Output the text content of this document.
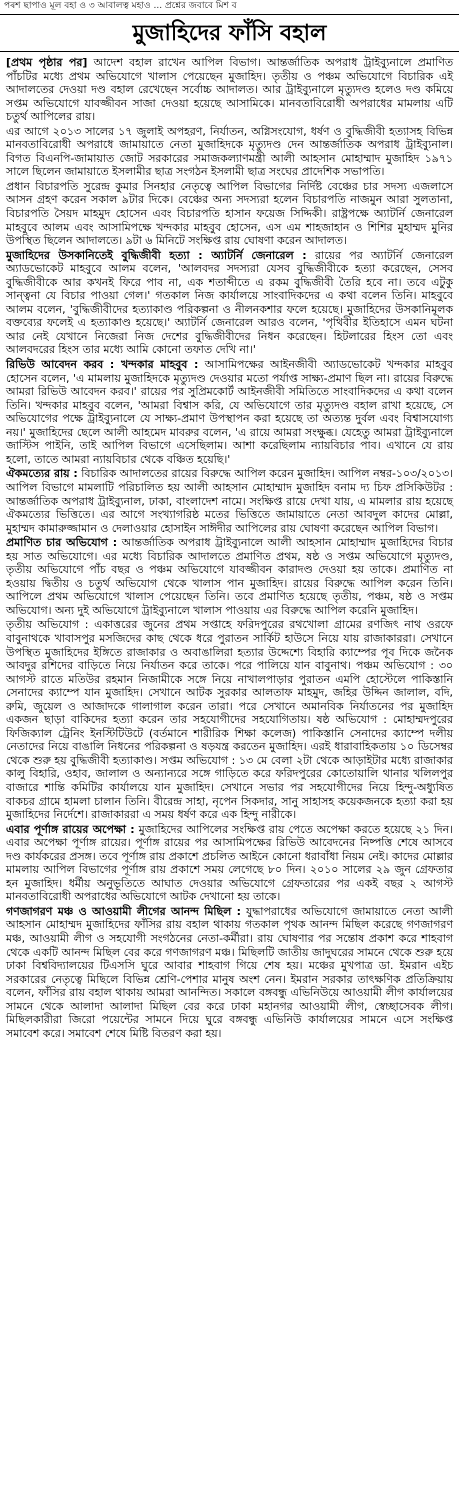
পৰশ ছাপাও মূল বহা ও ৩ আবালত্ব মহাও ... প্রশ্নের জবাবে মিশ ব
মুজাহিদের ফাঁসি বহাল

[প্রথম পৃষ্ঠার পর] আদেশ বহাল রাখেন আপিল বিভাগ। আন্তর্জাতিক অপরাধ ট্রাইব্যুনালে প্রমাণিত পাঁচটির মধ্যে প্রথম অভিযোগে খালাস পেয়েছেন মুজাহিদ। তৃতীয় ও পঞ্চম অভিযোগে বিচারিক এই আদালতের দেওয়া দণ্ড বহাল রেখেছেন সর্বোচ্চ আদালত। আর ট্রাইব্যুনালে মৃত্যুদণ্ড হলেও দণ্ড কমিয়ে সপ্তম অভিযোগে যাবজ্জীবন সাজা দেওয়া হয়েছে আসামিকে। মানবতাবিরোধী অপরাধের মামলায় এটি চতুর্থ আপিলের রায়।

এর আগে ২০১৩ সালের ১৭ জুলাই অপহরণ, নির্যাতন, অগ্নিসংযোগ, ধর্ষণ ও বুদ্ধিজীবী হত্যাসহ বিভিন্ন মানবতাবিরোধী অপরাধে জামায়াতে নেতা মুজাহিদকে মৃত্যুদণ্ড দেন আন্তর্জাতিক অপরাধ ট্রাইব্যুনাল। বিগত বিএনপি-জামায়াত জোট সরকারের সমাজকল্যাণমন্ত্রী আলী আহসান মোহাম্মাদ মুজাহিদ ১৯৭১ সালে ছিলেন জামায়াতে ইসলামীর ছাত্র সংগঠন ইসলামী ছাত্র সংঘের প্রাদেশিক সভাপতি।

প্রধান বিচারপতি সুরেন্দ্র কুমার সিনহার নেতৃত্বে আপিল বিভাগের নির্দিষ্ট বেঞ্চের চার সদস্য এজলাসে আসন গ্রহণ করেন সকাল ৯টার দিকে। বেঞ্চের অন্য সদস্যরা হলেন বিচারপতি নাজমুন আরা সুলতানা, বিচারপতি সৈয়দ মাহমুদ হোসেন এবং বিচারপতি হাসান ফয়েজ সিদ্দিকী। রাষ্ট্রপক্ষে অ্যাটর্নি জেনারেল মাহবুবে আলম এবং আসামিপক্ষে খন্দকার মাহবুব হোসেন, এস এম শাহজাহান ও শিশির মুহাম্মদ মুনির উপস্থিত ছিলেন আদালতে। ৯টা ৬ মিনিটে সংক্ষিপ্ত রায় ঘোষণা করেন আদালত।

মুজাহিদের উসকানিতেই বুদ্ধিজীবী হত্যা : অ্যাটর্নি জেনারেল : রায়ের পর অ্যাটর্নি জেনারেল অ্যাডভোকেট মাহবুবে আলম বলেন, 'আলবদর সদস্যরা যেসব বুদ্ধিজীবীকে হত্যা করেছেন, সেসব বুদ্ধিজীবীকে আর কখনই ফিরে পাব না, এক শতাব্দীতে এ রকম বুদ্ধিজীবী তৈরি হবে না। তবে এটুকু সান্ত্বনা যে বিচার পাওয়া গেল।' গতকাল নিজ কার্যালয়ে সাংবাদিকদের এ কথা বলেন তিনি। মাহবুবে আলম বলেন, 'বুদ্ধিজীবীদের হত্যাকাণ্ড পরিকল্পনা ও নীলনকশার ফলে হয়েছে। মুজাহিদের উসকানিমূলক বক্তব্যের ফলেই এ হত্যাকাণ্ড হয়েছে।' অ্যাটর্নি জেনারেল আরও বলেন, 'পৃথিবীর ইতিহাসে এমন ঘটনা আর নেই যেখানে নিজেরা নিজ দেশের বুদ্ধিজীবীদের নিধন করেছেন। হিটলারের হিংস তো এবং আলবদরের হিংস তার মধ্যে আমি কোনো তফাত দেখি না।'

রিভিউ আবেদন করব : খন্দকার মাহবুব : আসামিপক্ষের আইনজীবী অ্যাডভোকেট খন্দকার মাহবুব হোসেন বলেন, 'এ মামলায় মুজাহিদকে মৃত্যুদণ্ড দেওয়ার মতো পর্যাপ্ত সাক্ষ্য-প্রমাণ ছিল না। রায়ের বিরুদ্ধে আমরা রিভিউ আবেদন করব।' রায়ের পর সুপ্রিমকোর্ট আইনজীবী সমিতিতে সাংবাদিকদের এ কথা বলেন তিনি। খন্দকার মাহবুব বলেন, 'আমরা বিশ্বাস করি, যে অভিযোগে তার মৃত্যুদণ্ড বহাল রাখা হয়েছে, সে অভিযোগের পক্ষে ট্রাইব্যুনালে যে সাক্ষ্য-প্রমাণ উপস্থাপন করা হয়েছে তা অত্যন্ত দুর্বল এবং বিশ্বাসযোগ্য নয়।' মুজাহিদের ছেলে আলী আহমেদ মাবরুর বলেন, 'এ রায়ে আমরা সংক্ষুব্ধ। যেহেতু আমরা ট্রাইব্যুনালে জাস্টিস পাইনি, তাই আপিল বিভাগে এসেছিলাম। আশা করেছিলাম ন্যায়বিচার পাব। এখানে যে রায় হলো, তাতে আমরা ন্যায়বিচার থেকে বঞ্চিত হয়েছি।'

ঐকমত্যের রায় : বিচারিক আদালতের রায়ের বিরুদ্ধে আপিল করেন মুজাহিদ। আপিল নম্বর-১০৩/২০১৩। আপিল বিভাগে মামলাটি পরিচালিত হয় আলী আহসান মোহাম্মাদ মুজাহিদ বনাম দ্য চিফ প্রসিকিউটর : আন্তর্জাতিক অপরাধ ট্রাইব্যুনাল, ঢাকা, বাংলাদেশ নামে। সংক্ষিপ্ত রায়ে দেখা যায়, এ মামলার রায় হয়েছে ঐকমত্যের ভিত্তিতে। এর আগে সংখ্যাগরিষ্ঠ মতের ভিত্তিতে জামায়াতে নেতা আবদুল কাদের মোল্লা, মুহাম্মদ কামারুজ্জামান ও দেলাওয়ার হোসাইন সাঈদীর আপিলের রায় ঘোষণা করেছেন আপিল বিভাগ।

প্রমাণিত চার অভিযোগ : আন্তর্জাতিক অপরাধ ট্রাইব্যুনালে আলী আহসান মোহাম্মাদ মুজাহিদের বিচার হয় সাত অভিযোগে। এর মধ্যে বিচারিক আদালতে প্রমাণিত প্রথম, ষষ্ঠ ও সপ্তম অভিযোগে মৃত্যুদণ্ড, তৃতীয় অভিযোগে পাঁচ বছর ও পঞ্চম অভিযোগে যাবজ্জীবন কারাদণ্ড দেওয়া হয় তাকে। প্রমাণিত না হওয়ায় দ্বিতীয় ও চতুর্থ অভিযোগ থেকে খালাস পান মুজাহিদ। রায়ের বিরুদ্ধে আপিল করেন তিনি। আপিলে প্রথম অভিযোগে খালাস পেয়েছেন তিনি। তবে প্রমাণিত হয়েছে তৃতীয়, পঞ্চম, ষষ্ঠ ও সপ্তম অভিযোগ। অন্য দুই অভিযোগে ট্রাইব্যুনালে খালাস পাওয়ায় এর বিরুদ্ধে আপিল করেনি মুজাহিদ।

তৃতীয় অভিযোগ : একাত্তরের জুনের প্রথম সপ্তাহে ফরিদপুরের রথখোলা গ্রামের রণজিৎ নাথ ওরফে বাবুনাথকে খাবাসপুর মসজিদের কাছ থেকে ধরে পুরাতন সার্কিট হাউসে নিয়ে যায় রাজাকাররা। সেখানে উপস্থিত মুজাহিদের ইঙ্গিতে রাজাকার ও অবাঙালিরা হত্যার উদ্দেশ্যে বিহারি ক্যাম্পের পূব দিকে জনৈক আবদুর রশিদের বাড়িতে নিয়ে নির্যাতন করে তাকে। পরে পালিয়ে যান বাবুনাথ। পঞ্চম অভিযোগ : ৩০ আগস্ট রাতে মতিউর রহমান নিজামীকে সঙ্গে নিয়ে নাখালপাড়ার পুরাতন এমপি হোস্টেলে পাকিস্তানি সেনাদের ক্যাম্পে যান মুজাহিদ। সেখানে আটক সুরকার আলতাফ মাহমুদ, জহির উদ্দিন জালাল, বদি, রুমি, জুয়েল ও আজাদকে গালাগাল করেন তারা। পরে সেখানে অমানবিক নির্যাতনের পর মুজাহিদ একজন ছাড়া বাকিদের হত্যা করেন তার সহযোগীদের সহযোগিতায়। ষষ্ঠ অভিযোগ : মোহাম্মদপুরের ফিজিক্যাল ট্রেনিং ইনস্টিটিউটে (বর্তমানে শারীরিক শিক্ষা কলেজ) পাকিস্তানি সেনাদের ক্যাম্পে দলীয় নেতাদের নিয়ে বাঙালি নিধনের পরিকল্পনা ও ষড়যন্ত্র করতেন মুজাহিদ। এরই ধারাবাহিকতায় ১০ ডিসেম্বর থেকে শুরু হয় বুদ্ধিজীবী হত্যাকাণ্ড। সপ্তম অভিযোগ : ১৩ মে বেলা ২টা থেকে আড়াইটার মধ্যে রাজাকার কালু বিহারি, ওহাব, জালাল ও অন্যান্যরে সঙ্গে গাড়িতে করে ফরিদপুরের কোতোয়ালি থানার খলিলপুর বাজারে শান্তি কমিটির কার্যালয়ে যান মুজাহিদ। সেখানে সভার পর সহযোগীদের নিয়ে হিন্দু-অধ্যুষিত বাকচর গ্রামে হামলা চালান তিনি। বীরেন্দ্র সাহা, নৃপেন সিকদার, সানু সাহাসহ কয়েকজনকে হত্যা করা হয় মুজাহিদের নির্দেশে। রাজাকাররা এ সময় ধর্ষণ করে এক হিন্দু নারীকে।

এবার পূর্ণাঙ্গ রায়ের অপেক্ষা : মুজাহিদের আপিলের সংক্ষিপ্ত রায় পেতে অপেক্ষা করতে হয়েছে ২১ দিন। এবার অপেক্ষা পূর্ণাঙ্গ রায়ের। পূর্ণাঙ্গ রায়ের পর আসামিপক্ষের রিভিউ আবেদনের নিষ্পত্তি শেষে আসবে দণ্ড কার্যকরের প্রসঙ্গ। তবে পূর্ণাঙ্গ রায় প্রকাশে প্রচলিত আইনে কোনো ধরাবাঁধা নিয়ম নেই। কাদের মোল্লার মামলায় আপিল বিভাগের পূর্ণাঙ্গ রায় প্রকাশে সময় লেগেছে ৮০ দিন। ২০১০ সালের ২৯ জুন গ্রেফতার হন মুজাহিদ। ধর্মীয় অনুভূতিতে আঘাত দেওয়ার অভিযোগে গ্রেফতারের পর একই বছর ২ আগস্ট মানবতাবিরোধী অপরাধের অভিযোগে আটক দেখানো হয় তাকে।

গণজাগরণ মঞ্চ ও আওয়ামী লীগের আনন্দ মিছিল : যুদ্ধাপরাধের অভিযোগে জামায়াতে নেতা আলী আহসান মোহাম্মদ মুজাহিদের ফাঁসির রায় বহাল থাকায় গতকাল পৃথক আনন্দ মিছিল করেছে গণজাগরণ মঞ্চ, আওয়ামী লীগ ও সহযোগী সংগঠনের নেতা-কর্মীরা। রায় ঘোষণার পর সন্তোষ প্রকাশ করে শাহবাগ থেকে একটি আনন্দ মিছিল বের করে গণজাগরণ মঞ্চ। মিছিলটি জাতীয় জাদুঘরের সামনে থেকে শুরু হয়ে ঢাকা বিশ্ববিদ্যালয়ের টিএসসি ঘুরে আবার শাহবাগ গিয়ে শেষ হয়। মঞ্চের মুখপাত্র ডা. ইমরান এইচ সরকারের নেতৃত্বে মিছিলে বিভিন্ন শ্রেণি-পেশার মানুষ অংশ নেন। ইমরান সরকার তাৎক্ষণিক প্রতিক্রিয়ায় বলেন, ফাঁসির রায় বহাল থাকায় আমরা আনন্দিত। সকালে বঙ্গবন্ধু এভিনিউয়ে আওয়ামী লীগ কার্যালয়ের সামনে থেকে আলাদা আলাদা মিছিল বের করে ঢাকা মহানগর আওয়ামী লীগ, স্বেচ্ছাসেবক লীগ। মিছিলকারীরা জিরো পয়েন্টের সামনে দিয়ে ঘুরে বঙ্গবন্ধু এভিনিউ কার্যালয়ের সামনে এসে সংক্ষিপ্ত সমাবেশ করে। সমাবেশ শেষে মিষ্টি বিতরণ করা হয়।
